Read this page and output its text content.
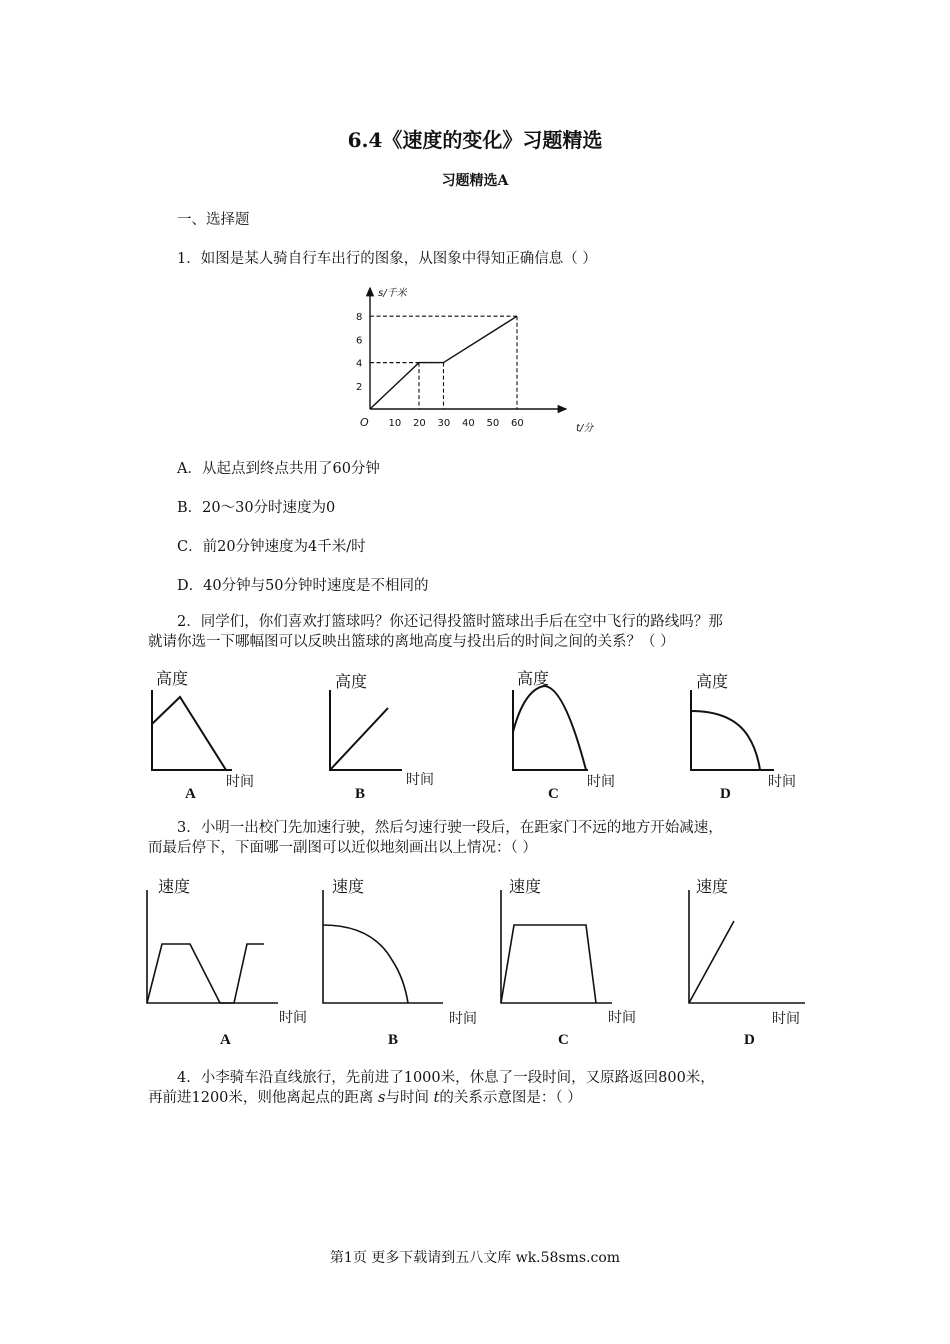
6.4《速度的变化》习题精选
习题精选A
一、选择题
1．如图是某人骑自行车出行的图象，从图象中得知正确信息（ ）
10 20 30 40 50 60
2
4
6
8
s/千米
t/分
O
A．从起点到终点共用了60分钟
B．20～30分时速度为0
C．前20分钟速度为4千米/时
D．40分钟与50分钟时速度是不相同的
2．同学们，你们喜欢打篮球吗？你还记得投篮时篮球出手后在空中飞行的路线吗？那
就请你选一下哪幅图可以反映出篮球的离地高度与投出后的时间之间的关系？（ ）
高度
时间
A
高度
时间
B
高度
时间
C
高度
时间
D
3．小明一出校门先加速行驶，然后匀速行驶一段后，在距家门不远的地方开始减速，
而最后停下，下面哪一副图可以近似地刻画出以上情况：（ ）
速度
时间
A
速度
时间
B
速度
时间
C
速度
时间
D
4．小李骑车沿直线旅行，先前进了1000米，休息了一段时间，又原路返回800米，
再前进1200米，则他离起点的距离 s与时间 t的关系示意图是：（ ）
第1页 更多下载请到五八文库 wk.58sms.com
